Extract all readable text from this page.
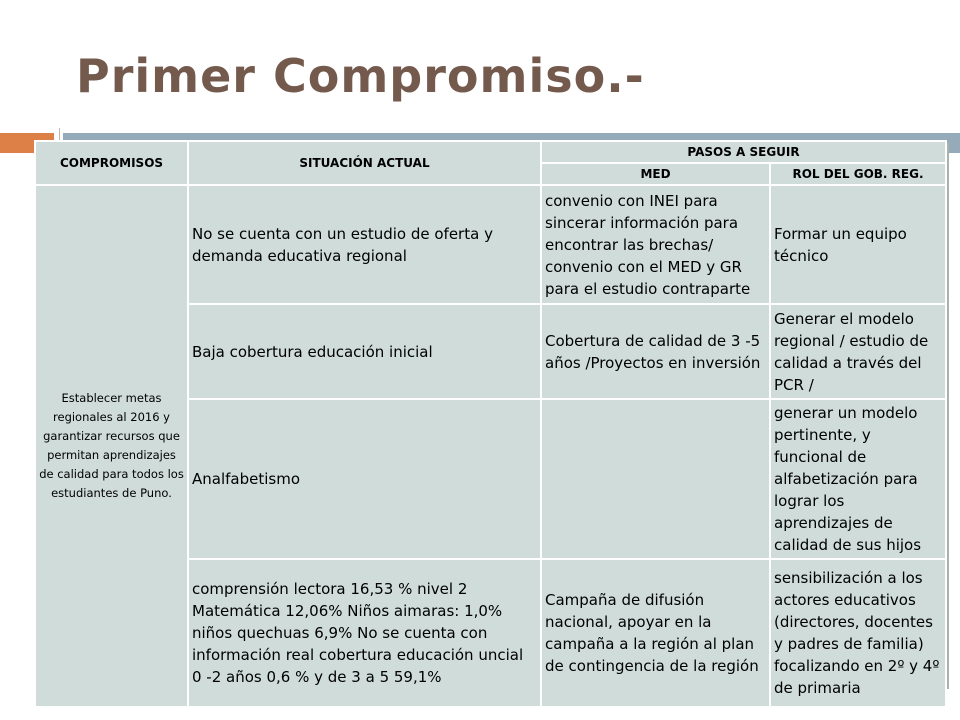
Primer Compromiso.-
COMPROMISOS	SITUACIÓN ACTUAL	PASOS A SEGUIR	
		MED	ROL DEL GOB. REG.
Establecer metas regionales al 2016 y garantizar recursos que permitan aprendizajes de calidad para todos los estudiantes de Puno.	No se cuenta con un estudio de oferta y demanda educativa regional	convenio con INEI para sincerar información para encontrar las brechas/ convenio con el MED y GR para el estudio contraparte	Formar un equipo técnico
	Baja cobertura educación inicial	Cobertura de calidad de 3 -5 años /Proyectos en inversión	Generar el modelo regional / estudio de calidad a través del PCR /
	Analfabetismo		generar un modelo pertinente, y funcional de alfabetización para lograr los aprendizajes de calidad de sus hijos
	comprensión lectora 16,53 % nivel 2 Matemática 12,06% Niños aimaras: 1,0% niños quechuas 6,9% No se cuenta con información real cobertura educación uncial 0 -2 años 0,6 % y de 3 a 5 59,1%	Campaña de difusión nacional, apoyar en la campaña a la región al plan de contingencia de la región	sensibilización a los actores educativos (directores, docentes y padres de familia) focalizando en 2º y 4º de primaria
